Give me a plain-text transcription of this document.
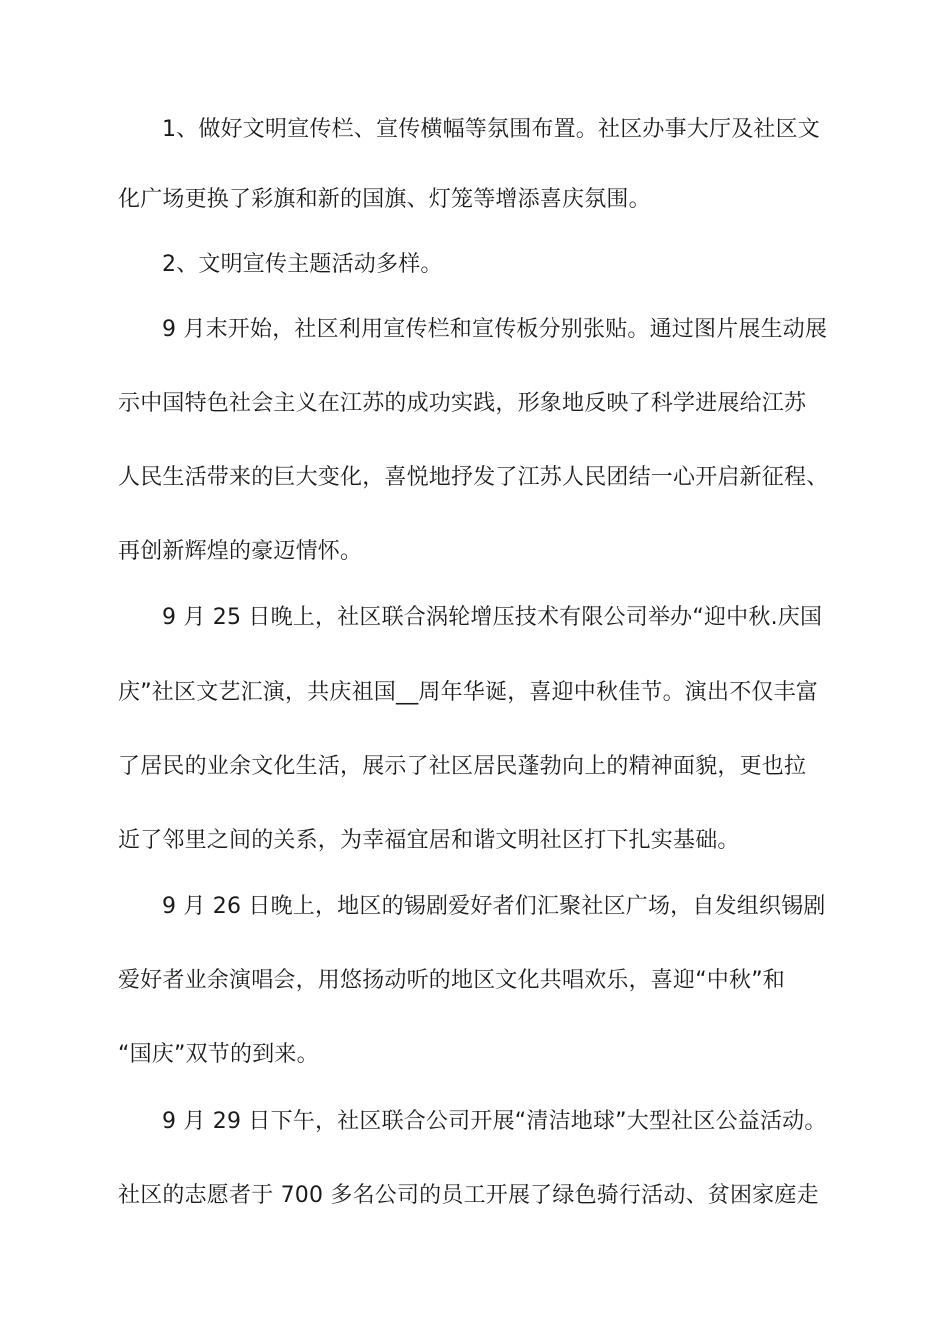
1、做好文明宣传栏、宣传横幅等氛围布置。社区办事大厅及社区文
化广场更换了彩旗和新的国旗、灯笼等增添喜庆氛围。
2、文明宣传主题活动多样。
9 月末开始，社区利用宣传栏和宣传板分别张贴。通过图片展生动展
示中国特色社会主义在江苏的成功实践，形象地反映了科学进展给江苏
人民生活带来的巨大变化，喜悦地抒发了江苏人民团结一心开启新征程、
再创新辉煌的豪迈情怀。
9 月 25 日晚上，社区联合涡轮增压技术有限公司举办“迎中秋.庆国
庆”社区文艺汇演，共庆祖国__周年华诞，喜迎中秋佳节。演出不仅丰富
了居民的业余文化生活，展示了社区居民蓬勃向上的精神面貌，更也拉
近了邻里之间的关系，为幸福宜居和谐文明社区打下扎实基础。
9 月 26 日晚上，地区的锡剧爱好者们汇聚社区广场，自发组织锡剧
爱好者业余演唱会，用悠扬动听的地区文化共唱欢乐，喜迎“中秋”和
“国庆”双节的到来。
9 月 29 日下午，社区联合公司开展“清洁地球”大型社区公益活动。
社区的志愿者于 700 多名公司的员工开展了绿色骑行活动、贫困家庭走
